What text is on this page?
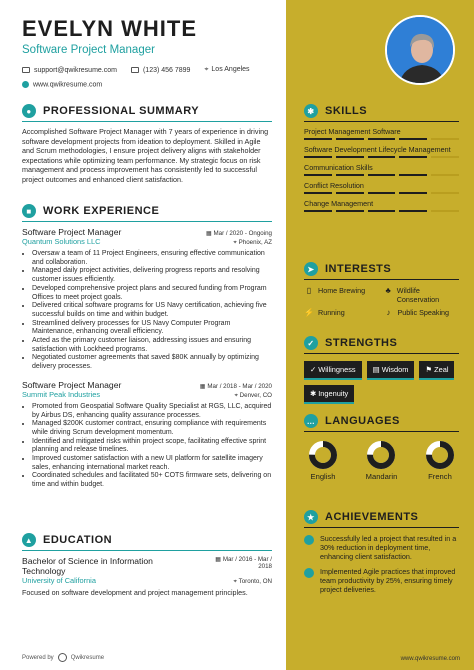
EVELYN WHITE
Software Project Manager
support@qwikresume.com	(123) 456 7899 ⌖ Los Angeles
www.qwikresume.com
●	PROFESSIONAL SUMMARY
Accomplished Software Project Manager with 7 years of experience in driving software development projects from ideation to deployment. Skilled in Agile and Scrum methodologies, I ensure project delivery aligns with stakeholder expectations while optimizing team performance. My strategic focus on risk management and process improvement has consistently led to successful project outcomes and enhanced client satisfaction.
■	WORK EXPERIENCE
Software Project Manager	▦ Mar / 2020 - Ongoing
Quantum Solutions LLC	⌖ Phoenix, AZ
• Oversaw a team of 11 Project Engineers, ensuring effective communication and collaboration.
• Managed daily project activities, delivering progress reports and resolving customer issues efficiently.
• Developed comprehensive project plans and secured funding from Program Offices to meet project goals.
• Delivered critical software programs for US Navy certification, achieving five successful builds on time and within budget.
• Streamlined delivery processes for US Navy Computer Program Maintenance, enhancing overall efficiency.
• Acted as the primary customer liaison, addressing issues and ensuring satisfaction with Lockheed programs.
• Negotiated customer agreements that saved $80K annually by optimizing delivery processes.
Software Project Manager	▦ Mar / 2018 - Mar / 2020
Summit Peak Industries	⌖ Denver, CO
• Promoted from Geospatial Software Quality Specialist at RGS, LLC, acquired by Airbus DS, enhancing quality assurance processes.
• Managed $200K customer contract, ensuring compliance with requirements while driving Scrum development momentum.
• Identified and mitigated risks within project scope, facilitating effective sprint planning and release timelines.
• Improved customer satisfaction with a new UI platform for satellite imagery sales, enhancing international market reach.
• Coordinated schedules and facilitated 50+ COTS firmware sets, delivering on time and within budget.
▲ EDUCATION
Bachelor of Science in Information Technology
▦ Mar / 2016 - Mar / 2018
University of California	⌖ Toronto, ON
Focused on software development and project management principles.
Powered by	Qwikresume
✱ SKILLS
Project Management Software
Software Development Lifecycle Management
Communication Skills
Conflict Resolution
Change Management
➤ INTERESTS
▯ Home Brewing	♣ Wildlife Conservation
⚡ Running	♪ Public Speaking
✓ STRENGTHS
✓ Willingness	▤ Wisdom	⚑ Zeal
✱ Ingenuity
… LANGUAGES
English	Mandarin	French
★ ACHIEVEMENTS
Successfully led a project that resulted in a 30% reduction in deployment time, enhancing client satisfaction.
Implemented Agile practices that improved team productivity by 25%, ensuring timely project deliveries.
www.qwikresume.com
